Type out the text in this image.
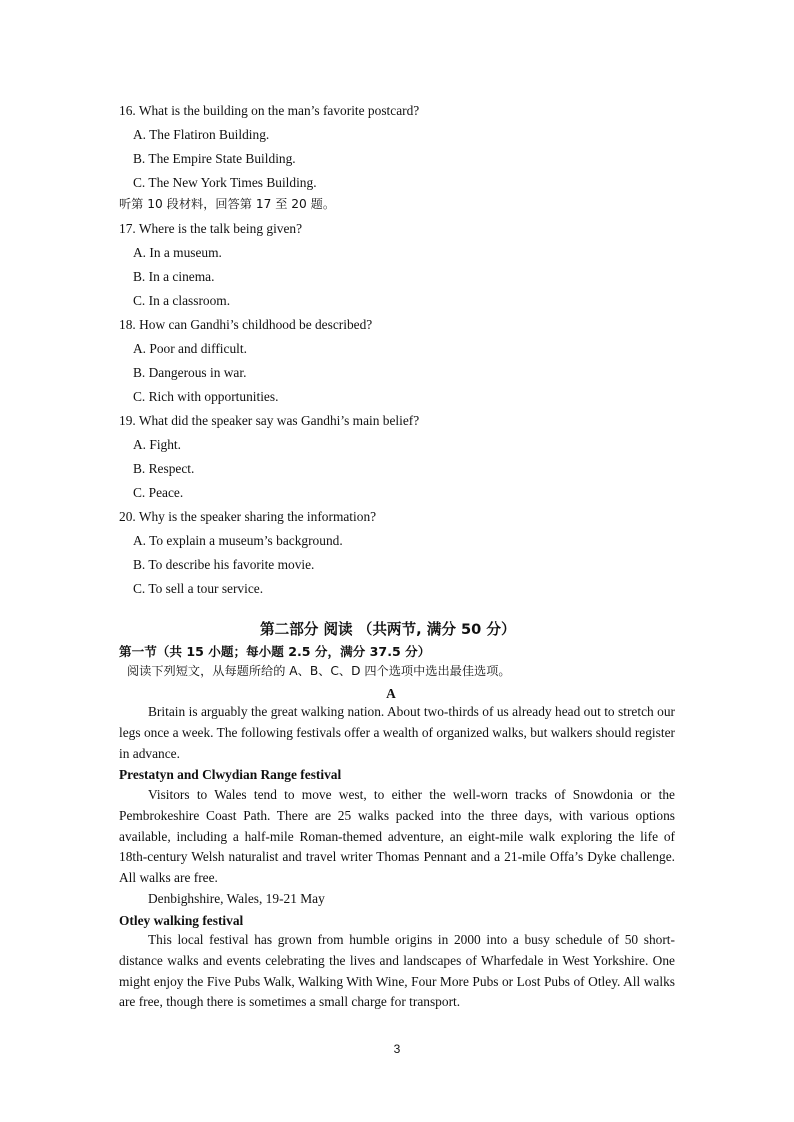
16. What is the building on the man’s favorite postcard?
A. The Flatiron Building.
B. The Empire State Building.
C. The New York Times Building.
听第 10 段材料，回答第 17 至 20 题。
17. Where is the talk being given?
A. In a museum.
B. In a cinema.
C. In a classroom.
18. How can Gandhi’s childhood be described?
A. Poor and difficult.
B. Dangerous in war.
C. Rich with opportunities.
19. What did the speaker say was Gandhi’s main belief?
A. Fight.
B. Respect.
C. Peace.
20. Why is the speaker sharing the information?
A. To explain a museum’s background.
B. To describe his favorite movie.
C. To sell a tour service.
第二部分 阅读 （共两节, 满分 50 分）
第一节（共 15 小题；每小题 2.5 分，满分 37.5 分）
阅读下列短文，从每题所给的 A、B、C、D 四个选项中选出最佳选项。
A
Britain is arguably the great walking nation. About two-thirds of us already head out to stretch our legs once a week. The following festivals offer a wealth of organized walks, but walkers should register in advance.
Prestatyn and Clwydian Range festival
Visitors to Wales tend to move west, to either the well-worn tracks of Snowdonia or the Pembrokeshire Coast Path. There are 25 walks packed into the three days, with various options available, including a half-mile Roman-themed adventure, an eight-mile walk exploring the life of 18th-century Welsh naturalist and travel writer Thomas Pennant and a 21-mile Offa’s Dyke challenge. All walks are free.
Denbighshire, Wales, 19-21 May
Otley walking festival
This local festival has grown from humble origins in 2000 into a busy schedule of 50 short-distance walks and events celebrating the lives and landscapes of Wharfedale in West Yorkshire. One might enjoy the Five Pubs Walk, Walking With Wine, Four More Pubs or Lost Pubs of Otley. All walks are free, though there is sometimes a small charge for transport.
3
